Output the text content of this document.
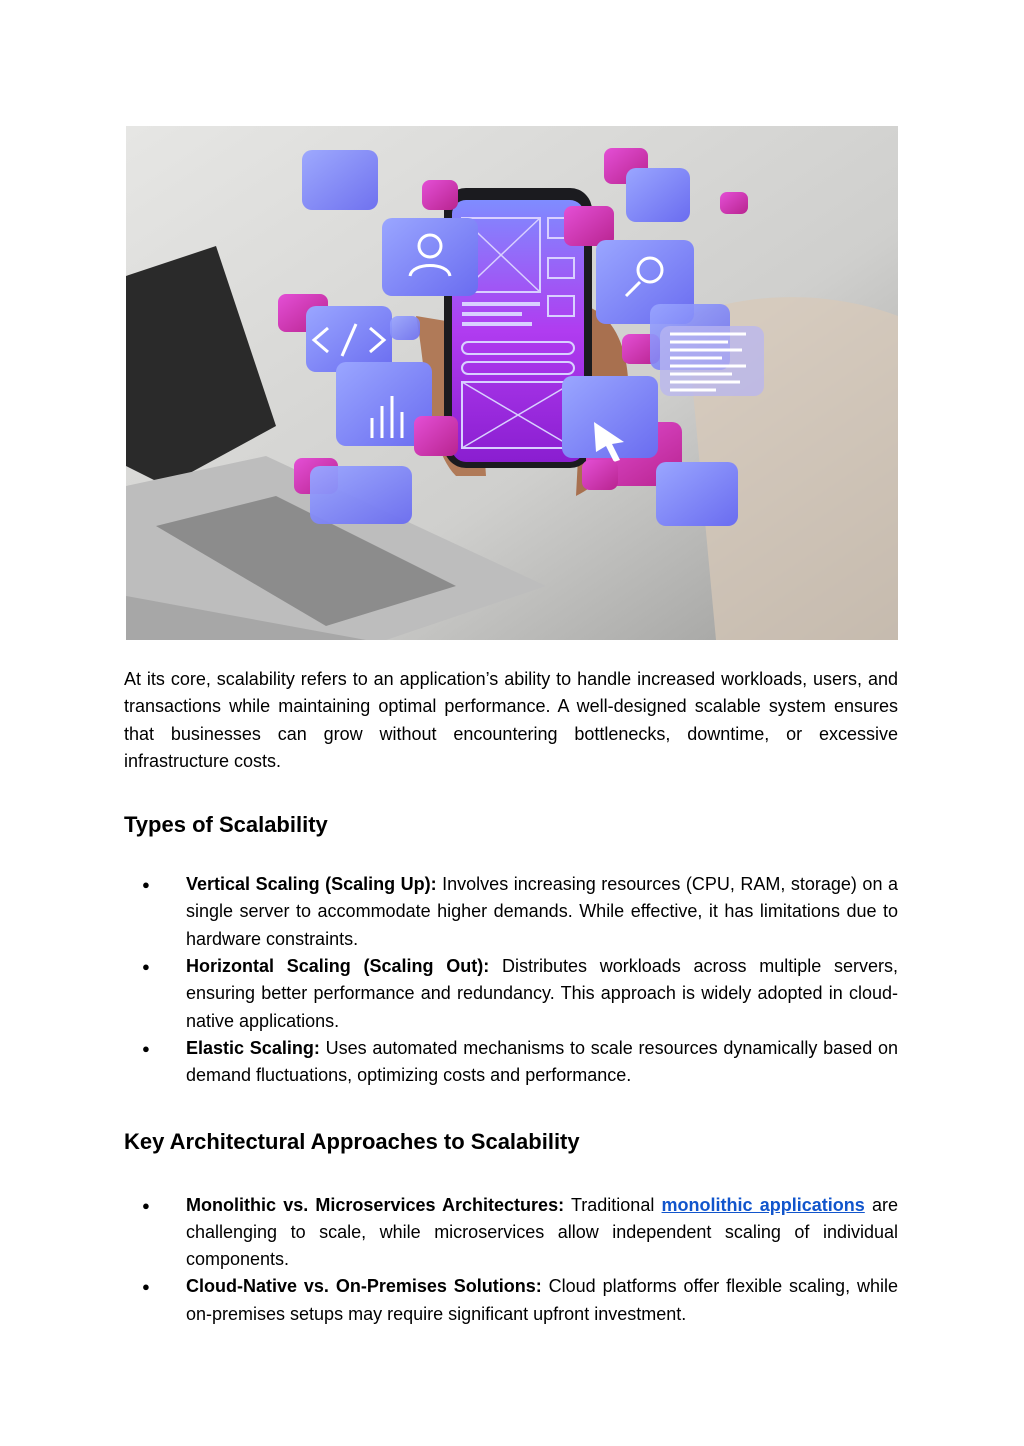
At its core, scalability refers to an application’s ability to handle increased workloads, users, and transactions while maintaining optimal performance. A well-designed scalable system ensures that businesses can grow without encountering bottlenecks, downtime, or excessive infrastructure costs.

Types of Scalability
● Vertical Scaling (Scaling Up): Involves increasing resources (CPU, RAM, storage) on a single server to accommodate higher demands. While effective, it has limitations due to hardware constraints.
● Horizontal Scaling (Scaling Out): Distributes workloads across multiple servers, ensuring better performance and redundancy. This approach is widely adopted in cloud-native applications.
● Elastic Scaling: Uses automated mechanisms to scale resources dynamically based on demand fluctuations, optimizing costs and performance.
Key Architectural Approaches to Scalability
● Monolithic vs. Microservices Architectures: Traditional monolithic applications are challenging to scale, while microservices allow independent scaling of individual components.
● Cloud-Native vs. On-Premises Solutions: Cloud platforms offer flexible scaling, while on-premises setups may require significant upfront investment.
